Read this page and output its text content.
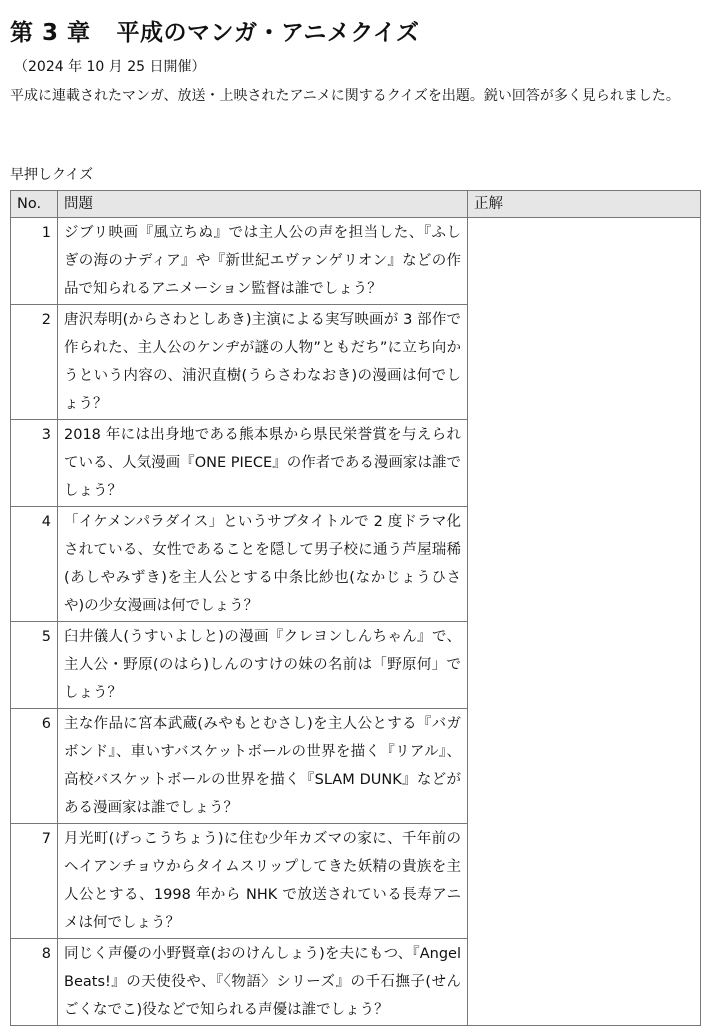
第 3 章 平成のマンガ・アニメクイズ
（2024 年 10 月 25 日開催）

平成に連載されたマンガ、放送・上映されたアニメに関するクイズを出題。鋭い回答が多く見られました。

早押しクイズ
No.	問題	正解
1	ジブリ映画『風立ちぬ』では主人公の声を担当した、『ふしぎの海のナディア』や『新世紀エヴァンゲリオン』などの作品で知られるアニメーション監督は誰でしょう？	
2	唐沢寿明(からさわとしあき)主演による実写映画が 3 部作で作られた、主人公のケンヂが謎の人物”ともだち”に立ち向かうという内容の、浦沢直樹(うらさわなおき)の漫画は何でしょう？	
3	2018 年には出身地である熊本県から県民栄誉賞を与えられている、人気漫画『ONE PIECE』の作者である漫画家は誰でしょう？	
4	「イケメンパラダイス」というサブタイトルで 2 度ドラマ化されている、女性であることを隠して男子校に通う芦屋瑞稀(あしやみずき)を主人公とする中条比紗也(なかじょうひさや)の少女漫画は何でしょう？	
5	臼井儀人(うすいよしと)の漫画『クレヨンしんちゃん』で、主人公・野原(のはら)しんのすけの妹の名前は「野原何」でしょう？	
6	主な作品に宮本武蔵(みやもとむさし)を主人公とする『バガボンド』、車いすバスケットボールの世界を描く『リアル』、高校バスケットボールの世界を描く『SLAM DUNK』などがある漫画家は誰でしょう？	
7	月光町(げっこうちょう)に住む少年カズマの家に、千年前のヘイアンチョウからタイムスリップしてきた妖精の貴族を主人公とする、1998 年から NHK で放送されている長寿アニメは何でしょう？	
8	同じく声優の小野賢章(おのけんしょう)を夫にもつ、『Angel Beats!』の天使役や、『〈物語〉シリーズ』の千石撫子(せんごくなでこ)役などで知られる声優は誰でしょう？	
